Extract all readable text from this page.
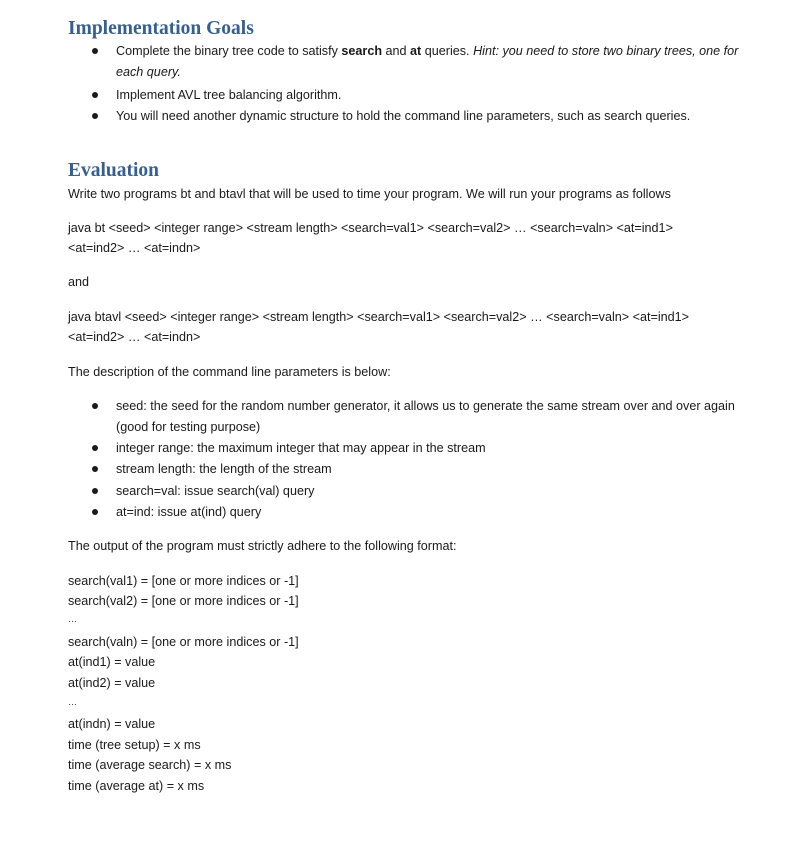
Implementation Goals
Complete the binary tree code to satisfy search and at queries. Hint: you need to store two binary trees, one for each query.
Implement AVL tree balancing algorithm.
You will need another dynamic structure to hold the command line parameters, such as search queries.
Evaluation
Write two programs bt and btavl that will be used to time your program. We will run your programs as follows
java bt <seed> <integer range> <stream length> <search=val1> <search=val2> … <search=valn> <at=ind1>
<at=ind2> … <at=indn>
and
java btavl <seed> <integer range> <stream length> <search=val1> <search=val2> … <search=valn> <at=ind1>
<at=ind2> … <at=indn>
The description of the command line parameters is below:
seed: the seed for the random number generator, it allows us to generate the same stream over and over again (good for testing purpose)
integer range: the maximum integer that may appear in the stream
stream length: the length of the stream
search=val: issue search(val) query
at=ind: issue at(ind) query
The output of the program must strictly adhere to the following format:
search(val1) = [one or more indices or -1]
search(val2) = [one or more indices or -1]
…
search(valn) = [one or more indices or -1]
at(ind1) = value
at(ind2) = value
…
at(indn) = value
time (tree setup) = x ms
time (average search) = x ms
time (average at) = x ms
